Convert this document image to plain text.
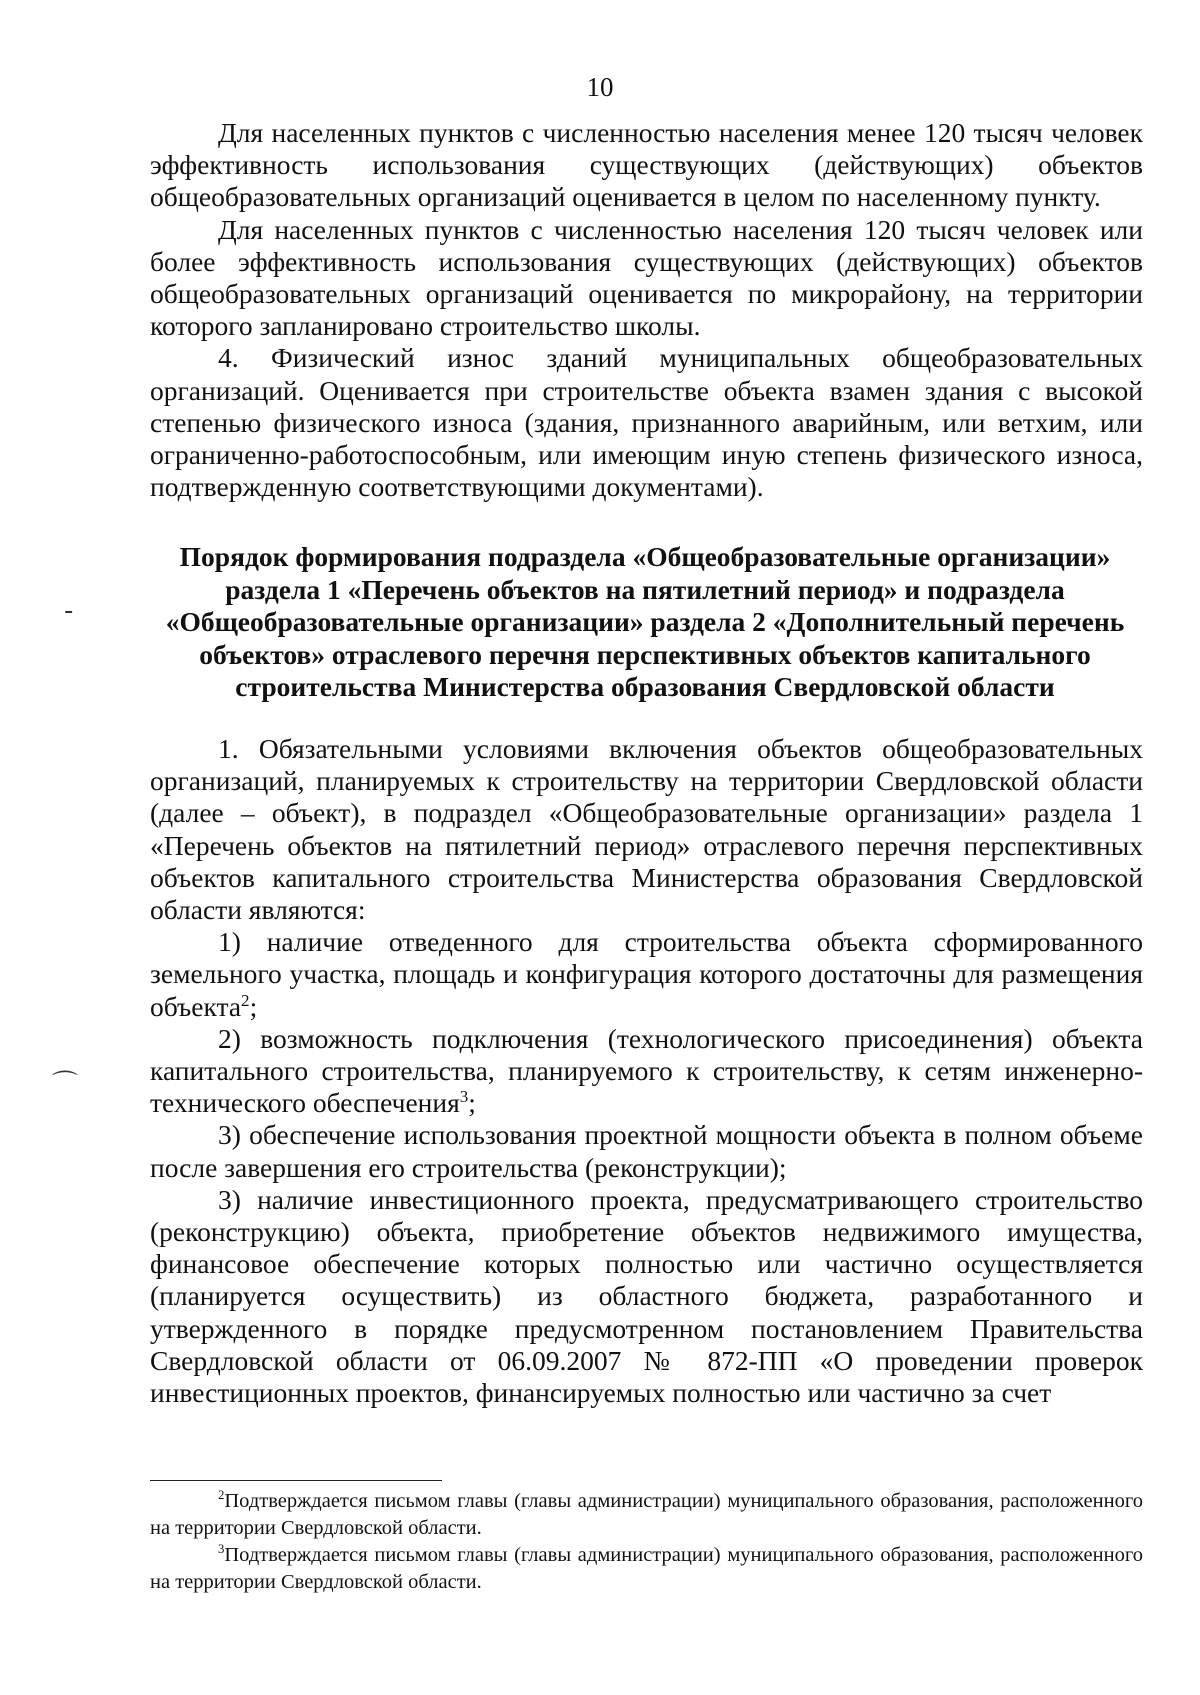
10

Для населенных пунктов с численностью населения менее 120 тысяч человек эффективность использования существующих (действующих) объектов общеобразовательных организаций оценивается в целом по населенному пункту.

Для населенных пунктов с численностью населения 120 тысяч человек или более эффективность использования существующих (действующих) объектов общеобразовательных организаций оценивается по микрорайону, на территории которого запланировано строительство школы.

4. Физический износ зданий муниципальных общеобразовательных организаций. Оценивается при строительстве объекта взамен здания с высокой степенью физического износа (здания, признанного аварийным, или ветхим, или ограниченно-работоспособным, или имеющим иную степень физического износа, подтвержденную соответствующими документами).

Порядок формирования подраздела «Общеобразовательные организации»
раздела 1 «Перечень объектов на пятилетний период» и подраздела
«Общеобразовательные организации» раздела 2 «Дополнительный перечень
объектов» отраслевого перечня перспективных объектов капитального
строительства Министерства образования Свердловской области

1. Обязательными условиями включения объектов общеобразовательных организаций, планируемых к строительству на территории Свердловской области (далее – объект), в подраздел «Общеобразовательные организации» раздела 1 «Перечень объектов на пятилетний период» отраслевого перечня перспективных объектов капитального строительства Министерства образования Свердловской области являются:

1) наличие отведенного для строительства объекта сформированного земельного участка, площадь и конфигурация которого достаточны для размещения объекта$^2$;

2) возможность подключения (технологического присоединения) объекта капитального строительства, планируемого к строительству, к сетям инженерно-технического обеспечения$^3$;

3) обеспечение использования проектной мощности объекта в полном объеме после завершения его строительства (реконструкции);

3) наличие инвестиционного проекта, предусматривающего строительство (реконструкцию) объекта, приобретение объектов недвижимого имущества, финансовое обеспечение которых полностью или частично осуществляется (планируется осуществить) из областного бюджета, разработанного и утвержденного в порядке предусмотренном постановлением Правительства Свердловской области от 06.09.2007 № 872-ПП «О проведении проверок инвестиционных проектов, финансируемых полностью или частично за счет

$^2$Подтверждается письмом главы (главы администрации) муниципального образования, расположенного на территории Свердловской области.

$^3$Подтверждается письмом главы (главы администрации) муниципального образования, расположенного на территории Свердловской области.

‐
⌒
